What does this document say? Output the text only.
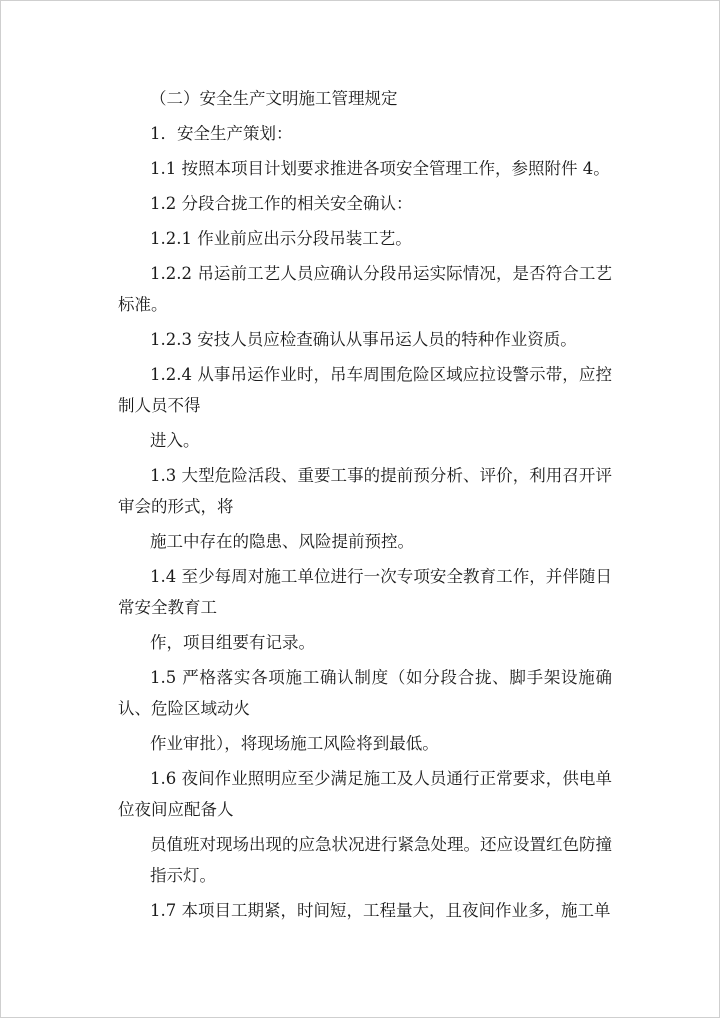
（二）安全生产文明施工管理规定

1．安全生产策划：

1.1 按照本项目计划要求推进各项安全管理工作，参照附件 4。

1.2 分段合拢工作的相关安全确认：

1.2.1 作业前应出示分段吊装工艺。

1.2.2 吊运前工艺人员应确认分段吊运实际情况，是否符合工艺标准。

1.2.3 安技人员应检查确认从事吊运人员的特种作业资质。

1.2.4 从事吊运作业时，吊车周围危险区域应拉设警示带，应控制人员不得

进入。

1.3 大型危险活段、重要工事的提前预分析、评价，利用召开评审会的形式，将

施工中存在的隐患、风险提前预控。

1.4 至少每周对施工单位进行一次专项安全教育工作，并伴随日常安全教育工

作，项目组要有记录。

1.5 严格落实各项施工确认制度（如分段合拢、脚手架设施确认、危险区域动火

作业审批），将现场施工风险将到最低。

1.6 夜间作业照明应至少满足施工及人员通行正常要求，供电单位夜间应配备人

员值班对现场出现的应急状况进行紧急处理。还应设置红色防撞指示灯。

1.7 本项目工期紧，时间短，工程量大，且夜间作业多，施工单
